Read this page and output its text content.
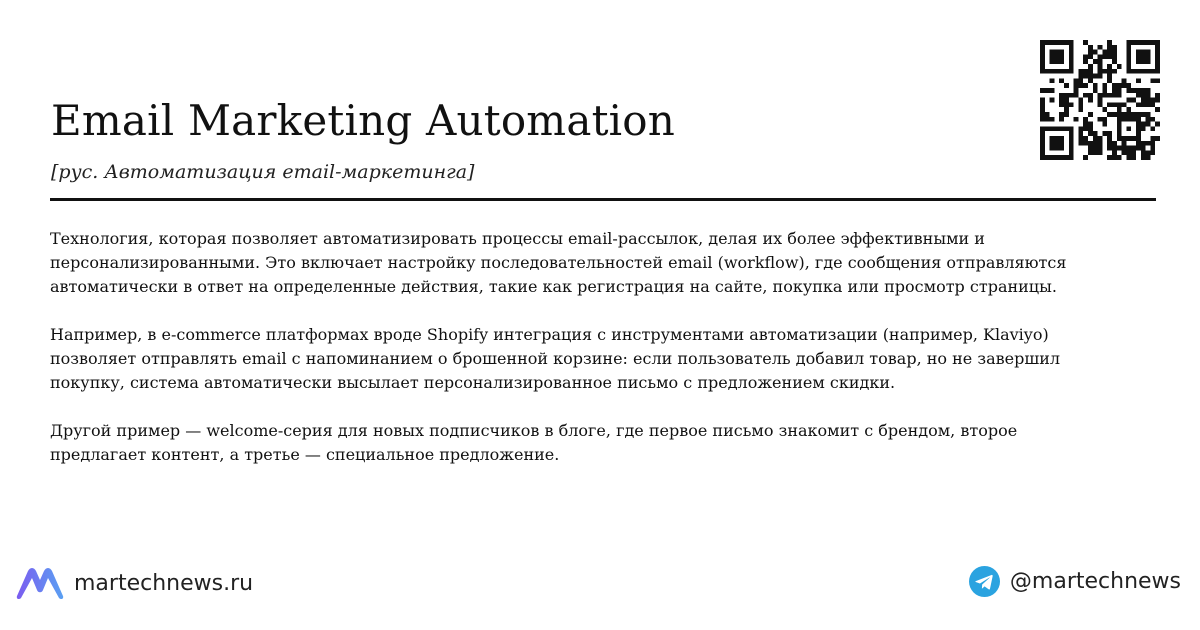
Email Marketing Automation
[рус. Автоматизация email-маркетинга]

Технология, которая позволяет автоматизировать процессы email-рассылок, делая их более эффективными и
персонализированными. Это включает настройку последовательностей email (workflow), где сообщения отправляются
автоматически в ответ на определенные действия, такие как регистрация на сайте, покупка или просмотр страницы.

Например, в e-commerce платформах вроде Shopify интеграция с инструментами автоматизации (например, Klaviyo)
позволяет отправлять email с напоминанием о брошенной корзине: если пользователь добавил товар, но не завершил
покупку, система автоматически высылает персонализированное письмо с предложением скидки.

Другой пример — welcome-серия для новых подписчиков в блоге, где первое письмо знакомит с брендом, второе
предлагает контент, а третье — специальное предложение.

martechnews.ru	@martechnews
